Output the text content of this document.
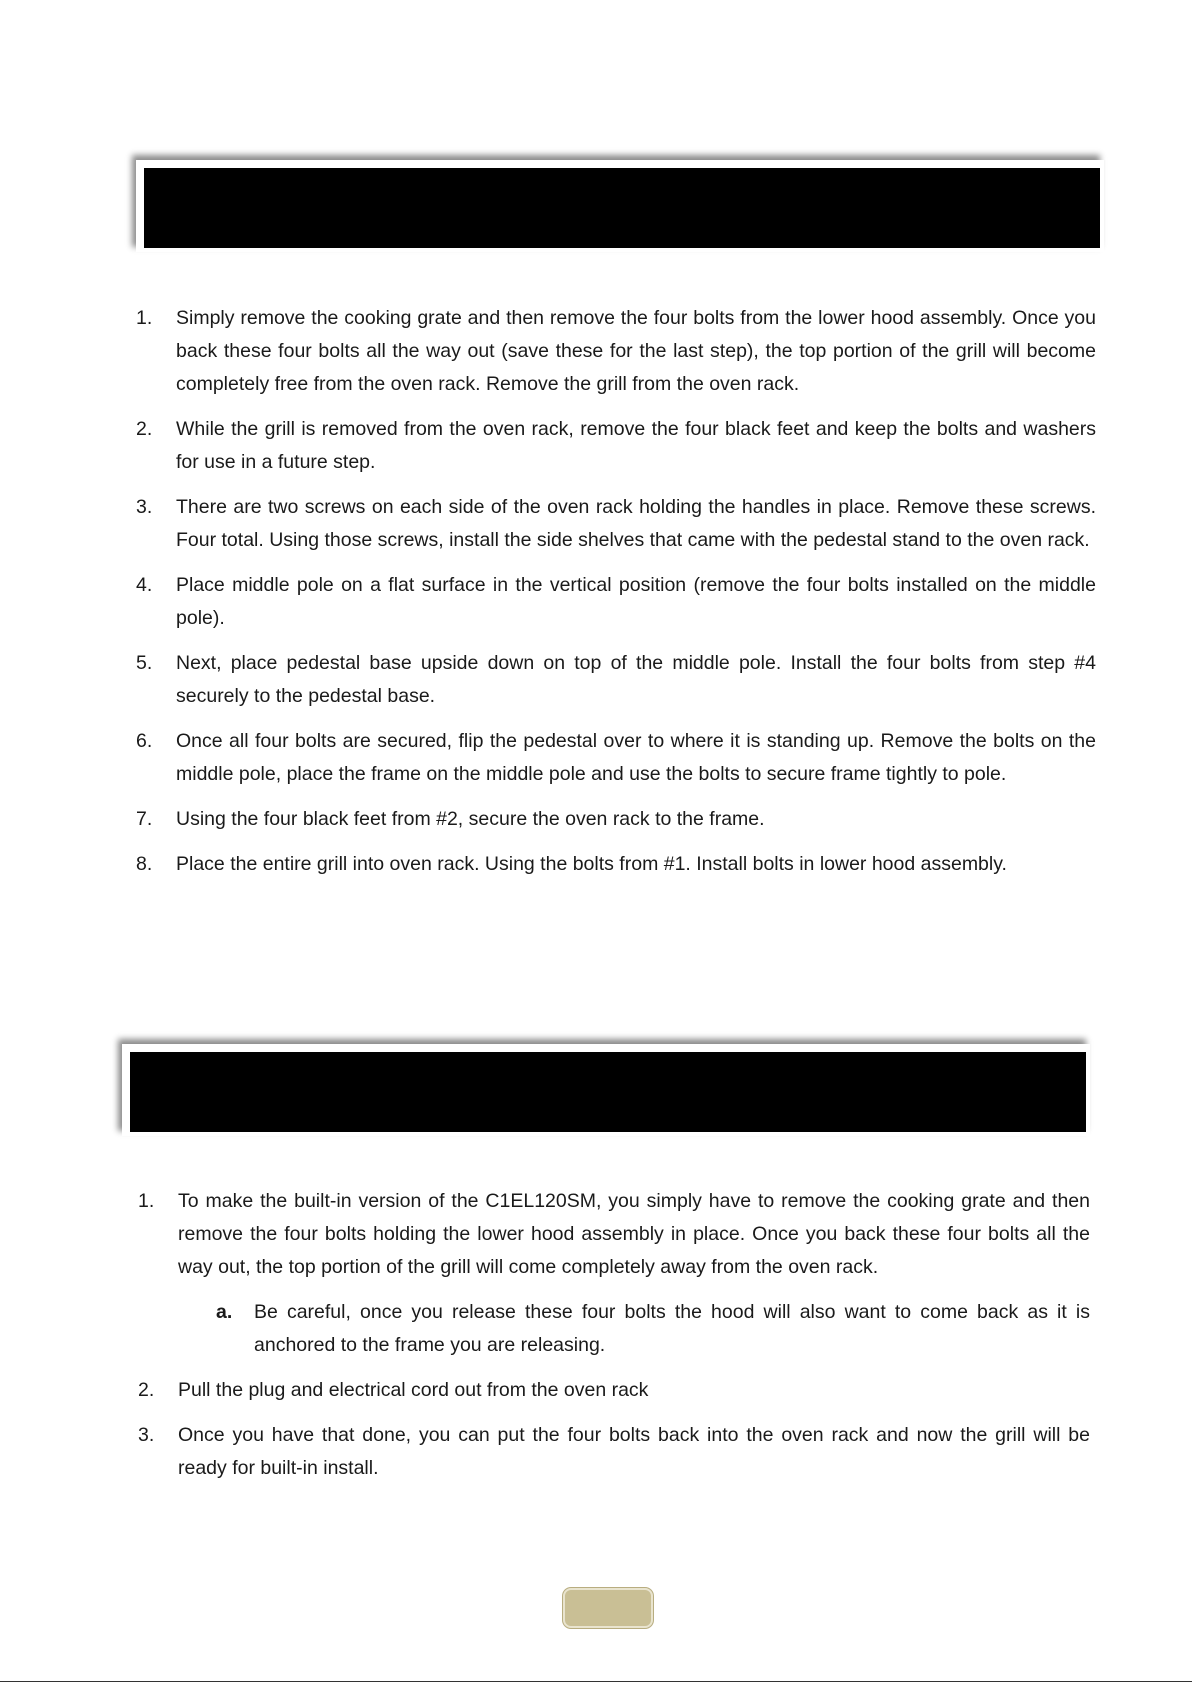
1. Simply remove the cooking grate and then remove the four bolts from the lower hood assembly. Once you back these four bolts all the way out (save these for the last step), the top portion of the grill will become completely free from the oven rack. Remove the grill from the oven rack.
2. While the grill is removed from the oven rack, remove the four black feet and keep the bolts and washers for use in a future step.
3. There are two screws on each side of the oven rack holding the handles in place. Remove these screws. Four total. Using those screws, install the side shelves that came with the pedestal stand to the oven rack.
4. Place middle pole on a flat surface in the vertical position (remove the four bolts installed on the middle pole).
5. Next, place pedestal base upside down on top of the middle pole. Install the four bolts from step #4 securely to the pedestal base.
6. Once all four bolts are secured, flip the pedestal over to where it is standing up. Remove the bolts on the middle pole, place the frame on the middle pole and use the bolts to secure frame tightly to pole.
7. Using the four black feet from #2, secure the oven rack to the frame.
8. Place the entire grill into oven rack. Using the bolts from #1. Install bolts in lower hood assembly.
1. To make the built-in version of the C1EL120SM, you simply have to remove the cooking grate and then remove the four bolts holding the lower hood assembly in place. Once you back these four bolts all the way out, the top portion of the grill will come completely away from the oven rack.
a. Be careful, once you release these four bolts the hood will also want to come back as it is anchored to the frame you are releasing.
2. Pull the plug and electrical cord out from the oven rack
3. Once you have that done, you can put the four bolts back into the oven rack and now the grill will be ready for built-in install.
